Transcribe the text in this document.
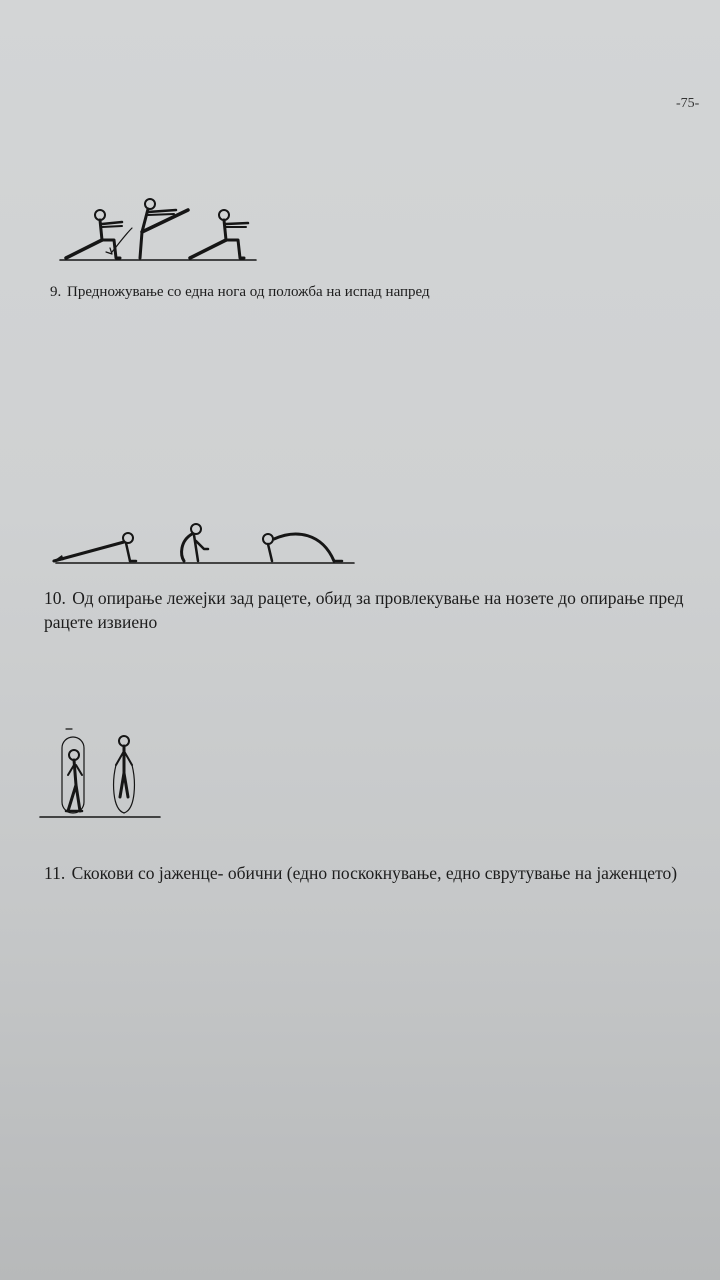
-75-
9. Предножување со една нога од положба на испад напред
10. Од опирање лежејки зад рацете, обид за провлекување на нозете до опирање пред рацете извиено
11. Скокови со јаженце- обични (едно поскокнување, едно сврутување на јаженцето)
